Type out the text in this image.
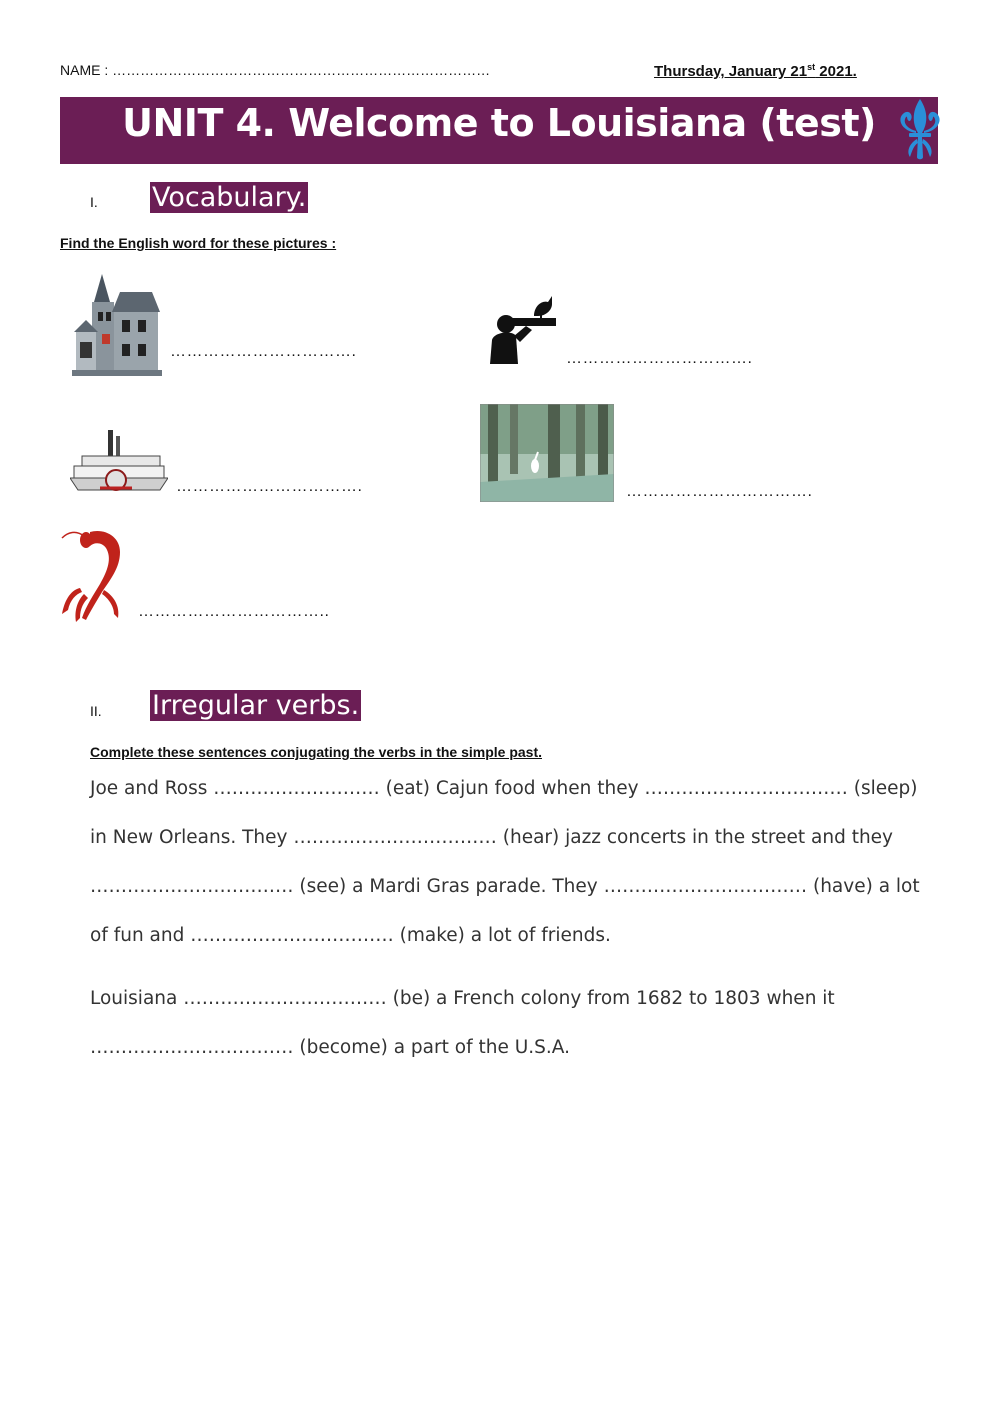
NAME : ………………………………………………………………………	Thursday, January 21st 2021.
UNIT 4. Welcome to Louisiana (test)
I. Vocabulary.
Find the English word for these pictures :
…………………………….	…………………………….
…………………………….	…………………………….
……………………………..
II. Irregular verbs.
Complete these sentences conjugating the verbs in the simple past.
Joe and Ross ……………………… (eat) Cajun food when they …………………………… (sleep)
in New Orleans. They …………………………… (hear) jazz concerts in the street and they
…………………………… (see) a Mardi Gras parade. They …………………………… (have) a lot
of fun and …………………………… (make) a lot of friends.
Louisiana …………………………… (be) a French colony from 1682 to 1803 when it
…………………………… (become) a part of the U.S.A.
